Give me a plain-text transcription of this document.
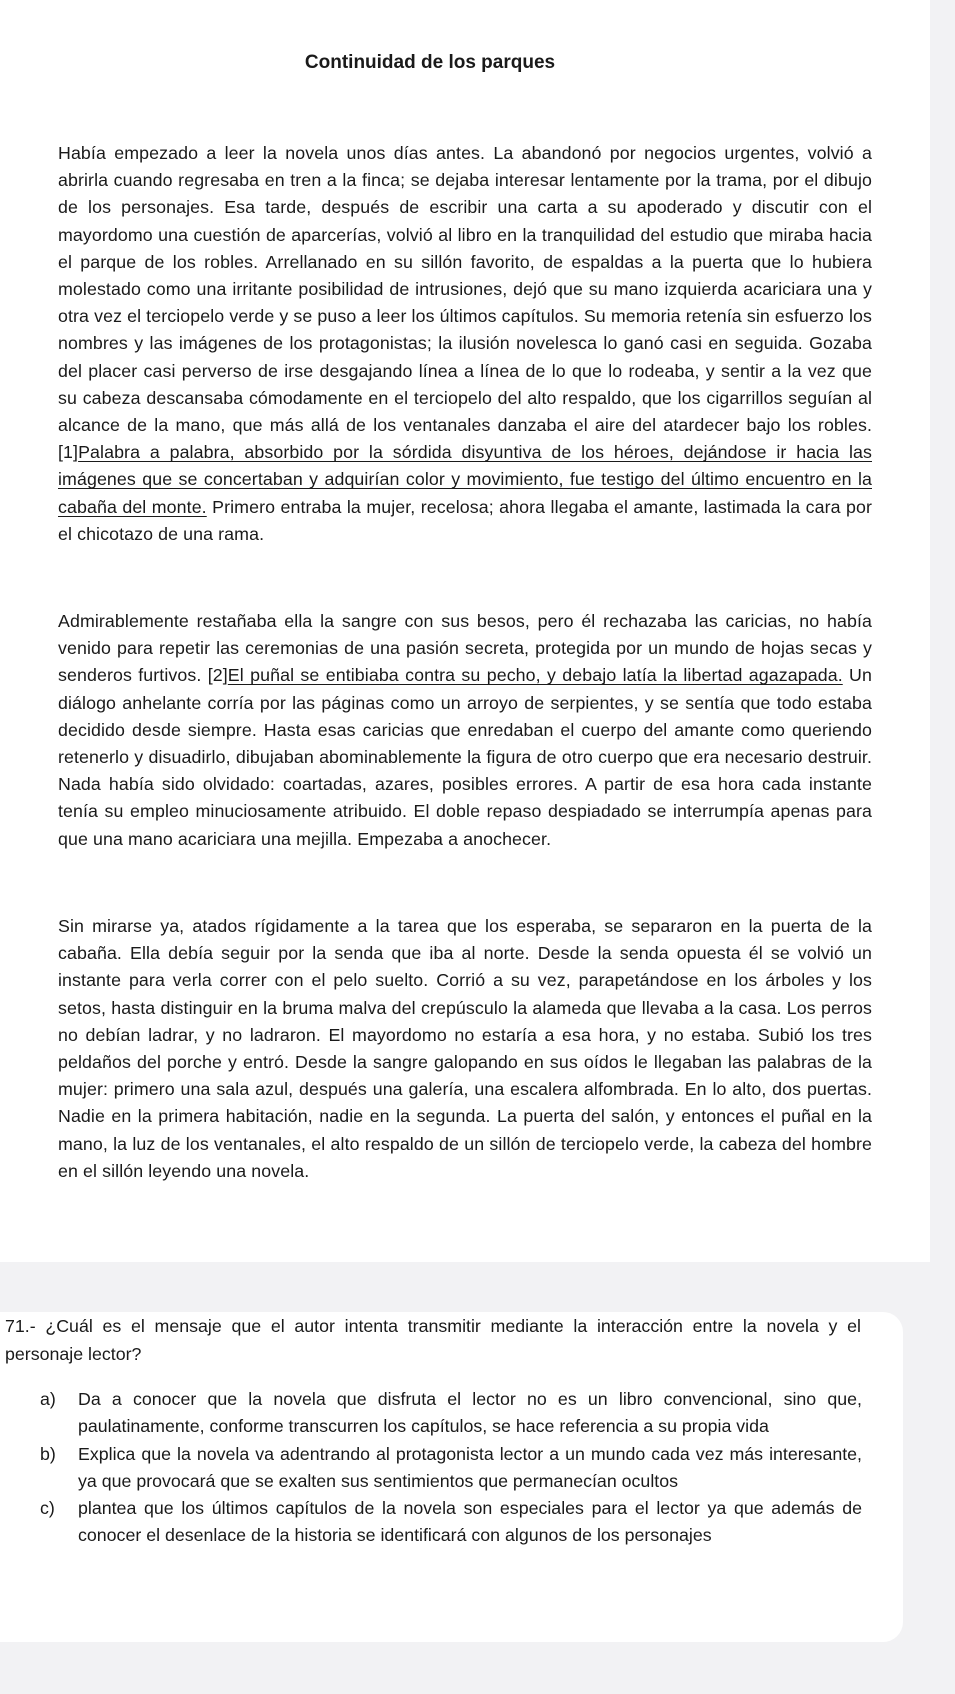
Continuidad de los parques

Había empezado a leer la novela unos días antes. La abandonó por negocios urgentes, volvió a abrirla cuando regresaba en tren a la finca; se dejaba interesar lentamente por la trama, por el dibujo de los personajes. Esa tarde, después de escribir una carta a su apoderado y discutir con el mayordomo una cuestión de aparcerías, volvió al libro en la tranquilidad del estudio que miraba hacia el parque de los robles. Arrellanado en su sillón favorito, de espaldas a la puerta que lo hubiera molestado como una irritante posibilidad de intrusiones, dejó que su mano izquierda acariciara una y otra vez el terciopelo verde y se puso a leer los últimos capítulos. Su memoria retenía sin esfuerzo los nombres y las imágenes de los protagonistas; la ilusión novelesca lo ganó casi en seguida. Gozaba del placer casi perverso de irse desgajando línea a línea de lo que lo rodeaba, y sentir a la vez que su cabeza descansaba cómodamente en el terciopelo del alto respaldo, que los cigarrillos seguían al alcance de la mano, que más allá de los ventanales danzaba el aire del atardecer bajo los robles. [1]Palabra a palabra, absorbido por la sórdida disyuntiva de los héroes, dejándose ir hacia las imágenes que se concertaban y adquirían color y movimiento, fue testigo del último encuentro en la cabaña del monte. Primero entraba la mujer, recelosa; ahora llegaba el amante, lastimada la cara por el chicotazo de una rama.

Admirablemente restañaba ella la sangre con sus besos, pero él rechazaba las caricias, no había venido para repetir las ceremonias de una pasión secreta, protegida por un mundo de hojas secas y senderos furtivos. [2]El puñal se entibiaba contra su pecho, y debajo latía la libertad agazapada. Un diálogo anhelante corría por las páginas como un arroyo de serpientes, y se sentía que todo estaba decidido desde siempre. Hasta esas caricias que enredaban el cuerpo del amante como queriendo retenerlo y disuadirlo, dibujaban abominablemente la figura de otro cuerpo que era necesario destruir. Nada había sido olvidado: coartadas, azares, posibles errores. A partir de esa hora cada instante tenía su empleo minuciosamente atribuido. El doble repaso despiadado se interrumpía apenas para que una mano acariciara una mejilla. Empezaba a anochecer.

Sin mirarse ya, atados rígidamente a la tarea que los esperaba, se separaron en la puerta de la cabaña. Ella debía seguir por la senda que iba al norte. Desde la senda opuesta él se volvió un instante para verla correr con el pelo suelto. Corrió a su vez, parapetándose en los árboles y los setos, hasta distinguir en la bruma malva del crepúsculo la alameda que llevaba a la casa. Los perros no debían ladrar, y no ladraron. El mayordomo no estaría a esa hora, y no estaba. Subió los tres peldaños del porche y entró. Desde la sangre galopando en sus oídos le llegaban las palabras de la mujer: primero una sala azul, después una galería, una escalera alfombrada. En lo alto, dos puertas. Nadie en la primera habitación, nadie en la segunda. La puerta del salón, y entonces el puñal en la mano, la luz de los ventanales, el alto respaldo de un sillón de terciopelo verde, la cabeza del hombre en el sillón leyendo una novela.

71.- ¿Cuál es el mensaje que el autor intenta transmitir mediante la interacción entre la novela y el personaje lector?

a) Da a conocer que la novela que disfruta el lector no es un libro convencional, sino que, paulatinamente, conforme transcurren los capítulos, se hace referencia a su propia vida
b) Explica que la novela va adentrando al protagonista lector a un mundo cada vez más interesante, ya que provocará que se exalten sus sentimientos que permanecían ocultos
c) plantea que los últimos capítulos de la novela son especiales para el lector ya que además de conocer el desenlace de la historia se identificará con algunos de los personajes
